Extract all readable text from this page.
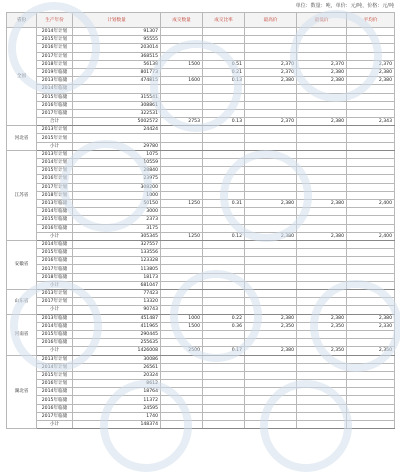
单位：数量：吨，单价：元/吨，价格：元/吨
省份	生产年份	计划数量	成交数量	成交比率	最高价	最低价	平均价
全国	2014年计划	91307					
	2015年计划	95555					
	2016年计划	203014					
	2017年计划	368515					
	2018年计划	56138	1500	0.51	2,370	2,370	2,370
	2019年临储	801773		0.21	2,370	2,380	2,380
	2013年临储	474815	1600	0.13	2,380	2,380	2,380
	2014年临储						
	2015年临储	315541					
	2016年临储	308861					
	2017年临储	322531					
	合计	5002572	2753	0.13	2,370	2,380	2,343
河北省	2013年计划	24424					
	2015年计划						
	小计	29780					
江苏省	2013年计划	1075					
	2014年计划	10559					
	2015年计划	28840					
	2016年计划	23975					
	2017年计划	308200					
	2018年计划	1000					
	2013年临储	50150	1250	0.31	2,380	2,380	2,400
	2014年临储	3000					
	2015年临储	2373					
	2016年临储	3175					
	小计	305345	1250	0.12	2,380	2,380	2,400
安徽省	2014年临储	327557					
	2015年临储	133556					
	2016年临储	123328					
	2017年临储	113805					
	2018年临储	18173					
	小计	681047					
山东省	2013年计划	77423					
	2017年计划	13320					
	小计	90743					
河南省	2013年临储	451487	1000	0.22	2,380	2,380	2,380
	2014年临储	411965	1500	0.36	2,350	2,350	2,330
	2015年临储	290445					
	2016年临储	255635					
	小计	1426008	2500	0.17	2,380	2,350	2,350
湖北省	2013年计划	30086					
	2014年计划	26561					
	2015年计划	20324					
	2016年计划	8612					
	2014年临储	18764					
	2015年临储	11372					
	2016年临储	24595					
	2017年临储	1740					
	小计	148374					
